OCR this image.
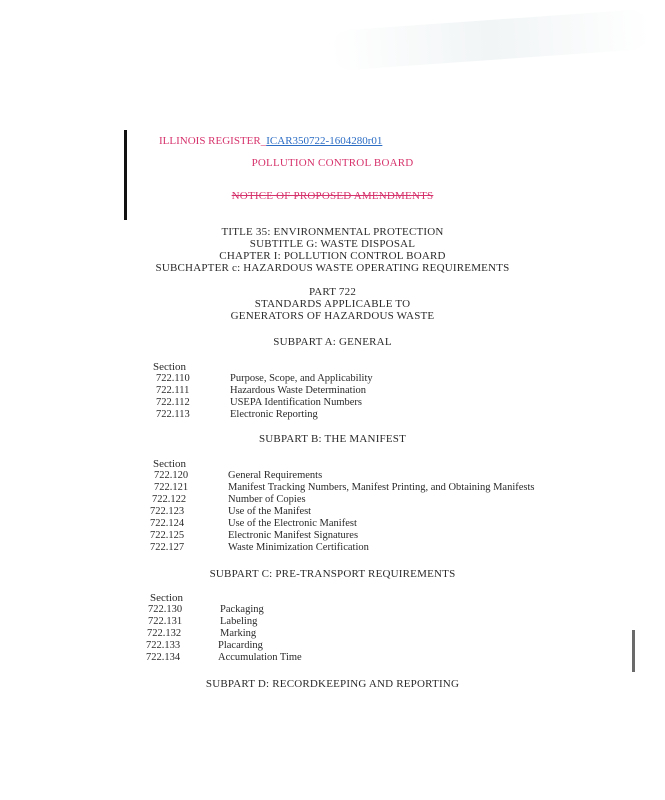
ILLINOIS REGISTER_ICAR350722-1604280r01
POLLUTION CONTROL BOARD
NOTICE OF PROPOSED AMENDMENTS
TITLE 35: ENVIRONMENTAL PROTECTION
SUBTITLE G: WASTE DISPOSAL
CHAPTER I: POLLUTION CONTROL BOARD
SUBCHAPTER c: HAZARDOUS WASTE OPERATING REQUIREMENTS
PART 722
STANDARDS APPLICABLE TO
GENERATORS OF HAZARDOUS WASTE
SUBPART A: GENERAL
Section
722.110	Purpose, Scope, and Applicability
722.111	Hazardous Waste Determination
722.112	USEPA Identification Numbers
722.113	Electronic Reporting
SUBPART B: THE MANIFEST
Section
722.120	General Requirements
722.121	Manifest Tracking Numbers, Manifest Printing, and Obtaining Manifests
722.122	Number of Copies
722.123	Use of the Manifest
722.124	Use of the Electronic Manifest
722.125	Electronic Manifest Signatures
722.127	Waste Minimization Certification
SUBPART C: PRE-TRANSPORT REQUIREMENTS
Section
722.130	Packaging
722.131	Labeling
722.132	Marking
722.133	Placarding
722.134	Accumulation Time
SUBPART D: RECORDKEEPING AND REPORTING
